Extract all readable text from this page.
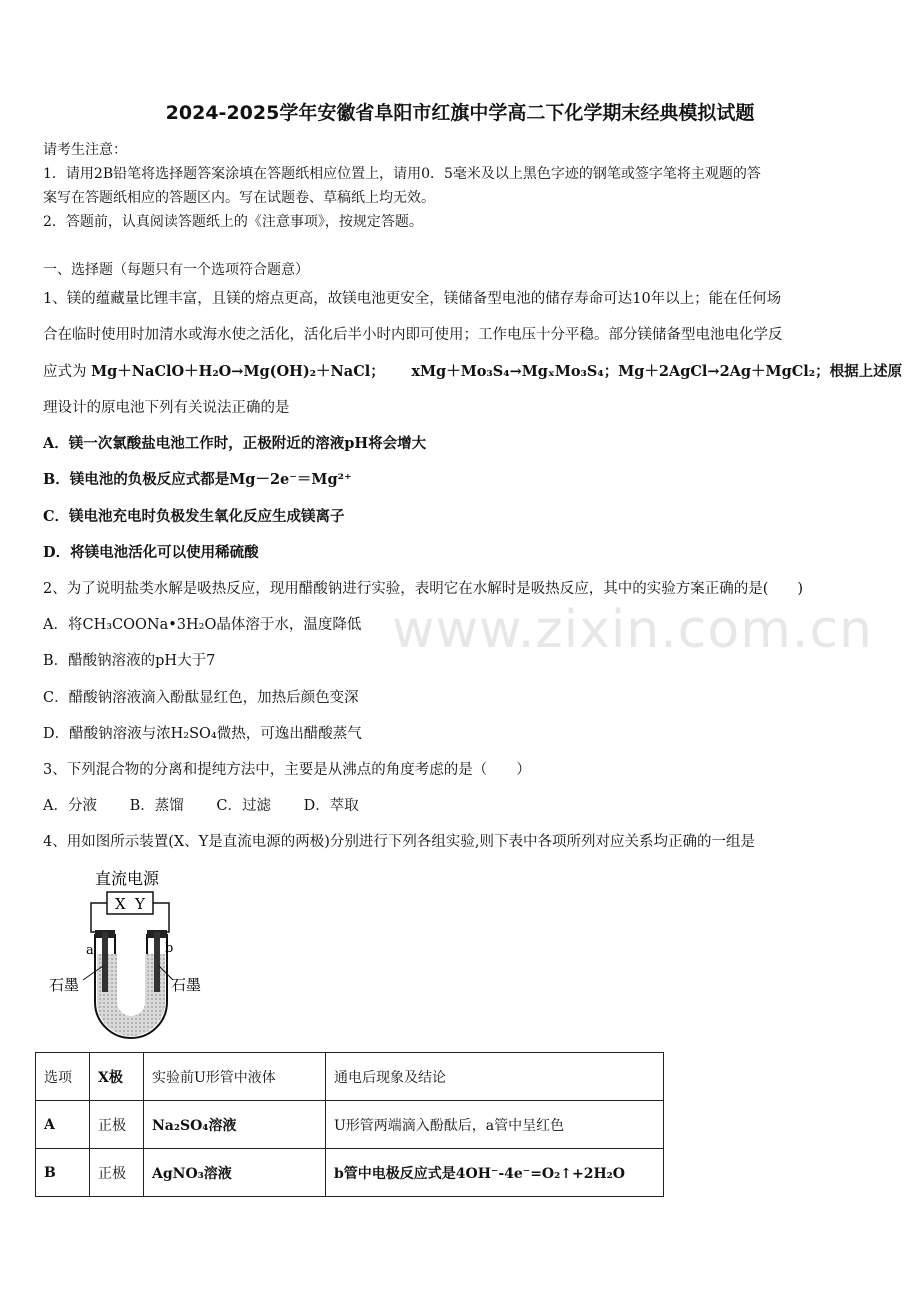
2024-2025学年安徽省阜阳市红旗中学高二下化学期末经典模拟试题
请考生注意：
1．请用2B铅笔将选择题答案涂填在答题纸相应位置上，请用0．5毫米及以上黑色字迹的钢笔或签字笔将主观题的答
案写在答题纸相应的答题区内。写在试题卷、草稿纸上均无效。
2．答题前，认真阅读答题纸上的《注意事项》，按规定答题。
一、选择题（每题只有一个选项符合题意）
1、镁的蕴藏量比锂丰富，且镁的熔点更高，故镁电池更安全，镁储备型电池的储存寿命可达10年以上；能在任何场
合在临时使用时加清水或海水使之活化，活化后半小时内即可使用；工作电压十分平稳。部分镁储备型电池电化学反
应式为 Mg＋NaClO＋H₂O→Mg(OH)₂＋NaCl； xMg＋Mo₃S₄→MgₓMo₃S₄；Mg＋2AgCl→2Ag＋MgCl₂；根据上述原
理设计的原电池下列有关说法正确的是
A．镁一次氯酸盐电池工作时，正极附近的溶液pH将会增大
B．镁电池的负极反应式都是Mg－2e⁻＝Mg²⁺
C．镁电池充电时负极发生氧化反应生成镁离子
D．将镁电池活化可以使用稀硫酸
2、为了说明盐类水解是吸热反应，现用醋酸钠进行实验，表明它在水解时是吸热反应，其中的实验方案正确的是(　　)
A．将CH₃COONa•3H₂O晶体溶于水，温度降低
B．醋酸钠溶液的pH大于7
C．醋酸钠溶液滴入酚酞显红色，加热后颜色变深
D．醋酸钠溶液与浓H₂SO₄微热，可逸出醋酸蒸气
3、下列混合物的分离和提纯方法中，主要是从沸点的角度考虑的是（　　）
A．分液 B．蒸馏 C．过滤 D．萃取
4、用如图所示装置(X、Y是直流电源的两极)分别进行下列各组实验,则下表中各项所列对应关系均正确的一组是
www.zixin.com.cn
直流电源
X Y
a	b
石墨	石墨
选项	X极	实验前U形管中液体	通电后现象及结论
A	正极	Na₂SO₄溶液	U形管两端滴入酚酞后，a管中呈红色
B	正极	AgNO₃溶液	b管中电极反应式是4OH⁻-4e⁻=O₂↑+2H₂O
